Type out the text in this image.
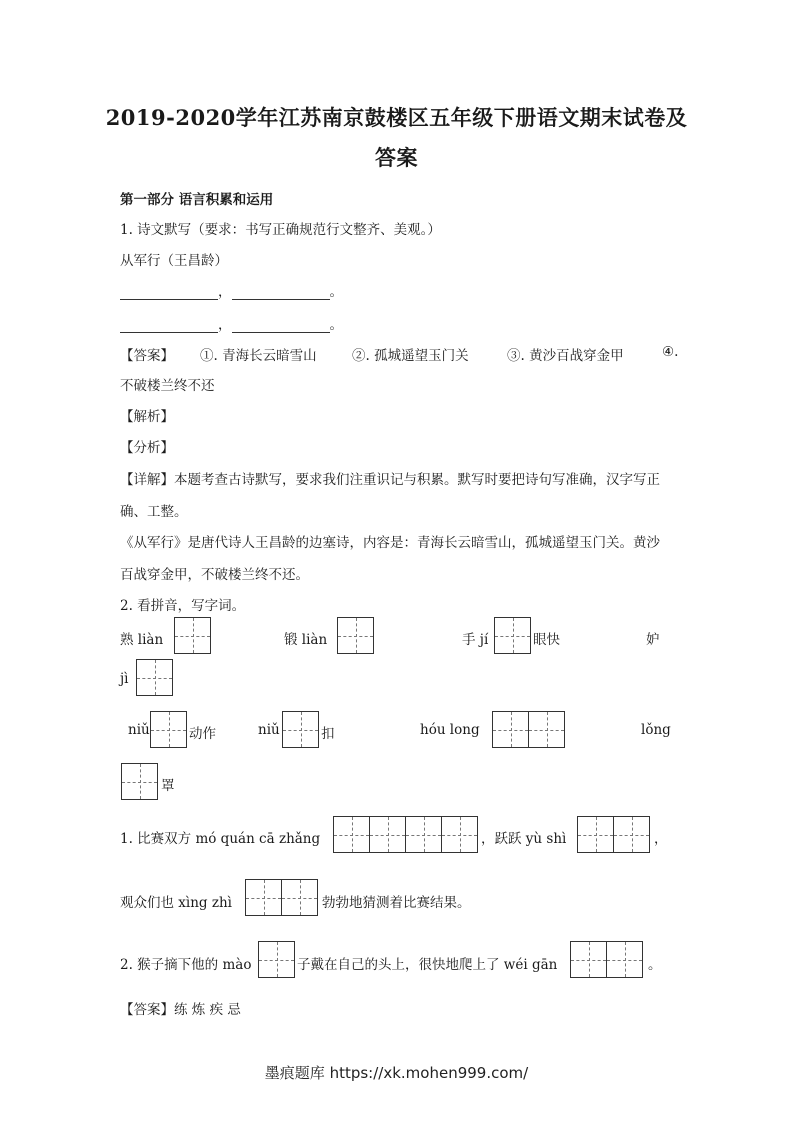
2019-2020学年江苏南京鼓楼区五年级下册语文期末试卷及
答案
第一部分 语言积累和运用
1. 诗文默写（要求：书写正确规范行文整齐、美观。）
从军行（王昌龄）
，	。
，	。
【答案】 ①. 青海长云暗雪山	②. 孤城遥望玉门关	③. 黄沙百战穿金甲	④.
不破楼兰终不还
【解析】
【分析】
【详解】本题考查古诗默写，要求我们注重识记与积累。默写时要把诗句写准确，汉字写正
确、工整。
《从军行》是唐代诗人王昌龄的边塞诗，内容是：青海长云暗雪山，孤城遥望玉门关。黄沙
百战穿金甲，不破楼兰终不还。
2. 看拼音，写字词。
熟 liàn	锻 liàn	手 jí	眼快	妒
jì
niǔ	动作	niǔ	扣	hóu long	lǒng
罩
1. 比赛双方 mó quán cā zhǎng	，跃跃 yù shì	，
观众们也 xìng zhì	勃勃地猜测着比赛结果。
2. 猴子摘下他的 mào	子戴在自己的头上，很快地爬上了 wéi gān	。
【答案】练 炼 疾 忌
墨痕题库 https://xk.mohen999.com/
